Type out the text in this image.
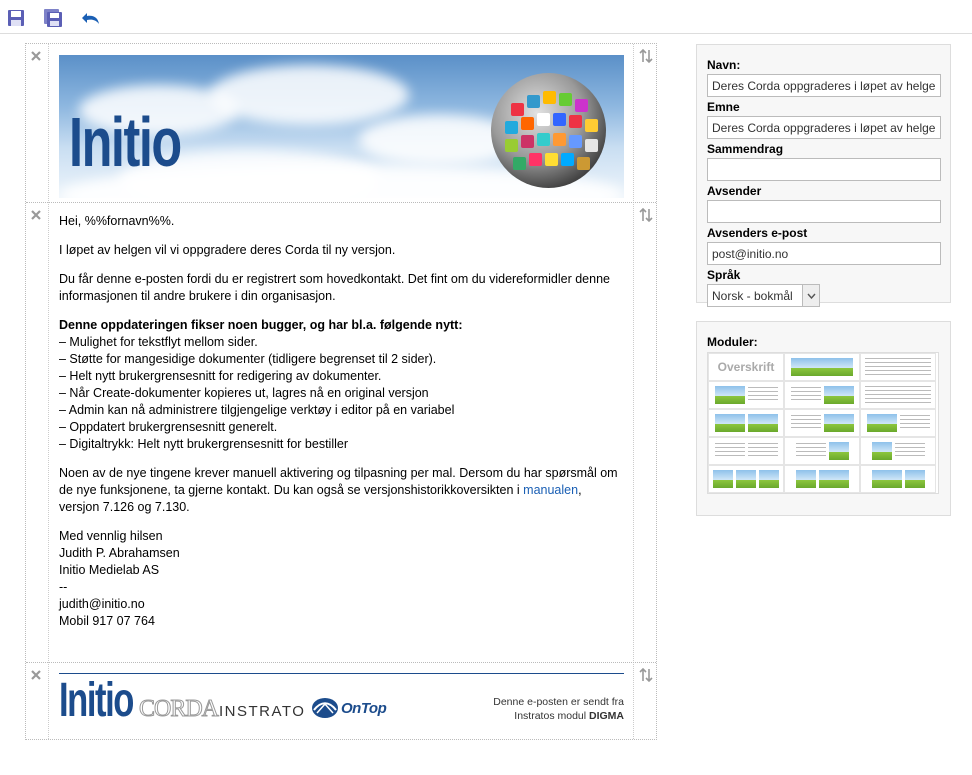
Initio

Hei, %%fornavn%%.

I løpet av helgen vil vi oppgradere deres Corda til ny versjon.

Du får denne e-posten fordi du er registrert som hovedkontakt. Det fint om du videreformidler denne informasjonen til andre brukere i din organisasjon.

Denne oppdateringen fikser noen bugger, og har bl.a. følgende nytt:
– Mulighet for tekstflyt mellom sider.
– Støtte for mangesidige dokumenter (tidligere begrenset til 2 sider).
– Helt nytt brukergrensesnitt for redigering av dokumenter.
– Når Create-dokumenter kopieres ut, lagres nå en original versjon
– Admin kan nå administrere tilgjengelige verktøy i editor på en variabel
– Oppdatert brukergrensesnitt generelt.
– Digitaltrykk: Helt nytt brukergrensesnitt for bestiller

Noen av de nye tingene krever manuell aktivering og tilpasning per mal. Dersom du har spørsmål om de nye funksjonene, ta gjerne kontakt. Du kan også se versjonshistorikkoversikten i manualen, versjon 7.126 og 7.130.

Med vennlig hilsen
Judith P. Abrahamsen
Initio Medielab AS
--
judith@initio.no
Mobil 917 07 764
Initio CORDA INSTRATO OnTop	Denne e-posten er sendt fra
Instratos modul DIGMA
Navn:
Deres Corda oppgraderes i løpet av helgen
Emne
Deres Corda oppgraderes i løpet av helgen
Sammendrag
Avsender
Avsenders e-post
post@initio.no
Språk
Norsk - bokmål
Moduler:
Overskrift
